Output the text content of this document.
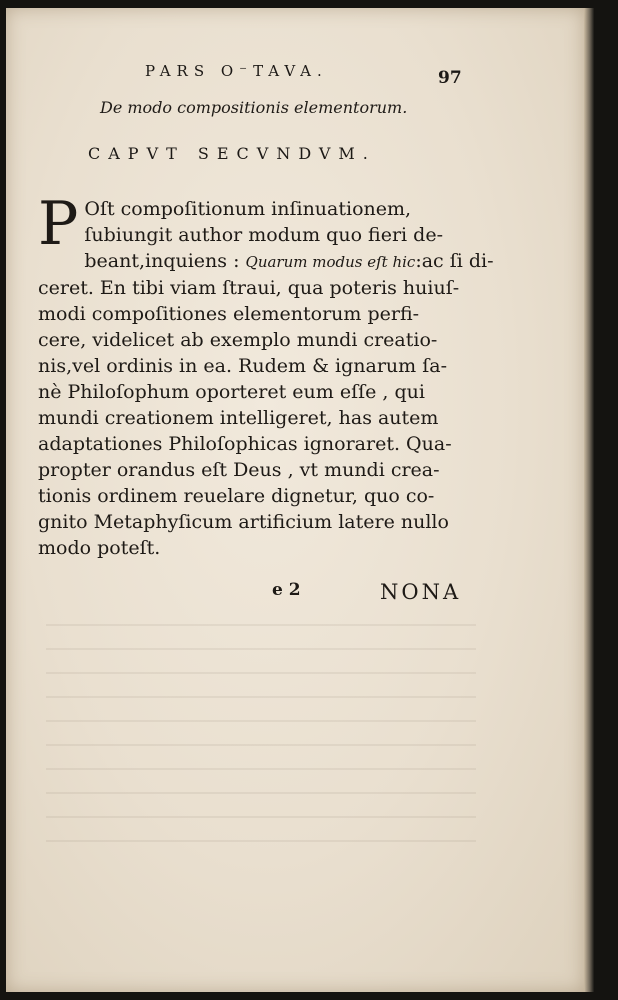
PARS O⁻TAVA.	97
De modo compositionis elementorum.
CAPVT SECVNDVM.
P Oſt compoſitionum inſinuationem,
ſubiungit author modum quo fieri de-
beant,inquiens : Quarum modus eſt hic:ac ſi di-
ceret. En tibi viam ſtraui, qua poteris huiuſ-
modi compoſitiones elementorum perfi-
cere, videlicet ab exemplo mundi creatio-
nis,vel ordinis in ea. Rudem & ignarum ſa-
nè Philoſophum oporteret eum eſſe , qui
mundi creationem intelligeret, has autem
adaptationes Philoſophicas ignoraret. Qua-
propter orandus eſt Deus , vt mundi crea-
tionis ordinem reuelare dignetur, quo co-
gnito Metaphyſicum artificium latere nullo
modo poteſt.
e 2	NONA
